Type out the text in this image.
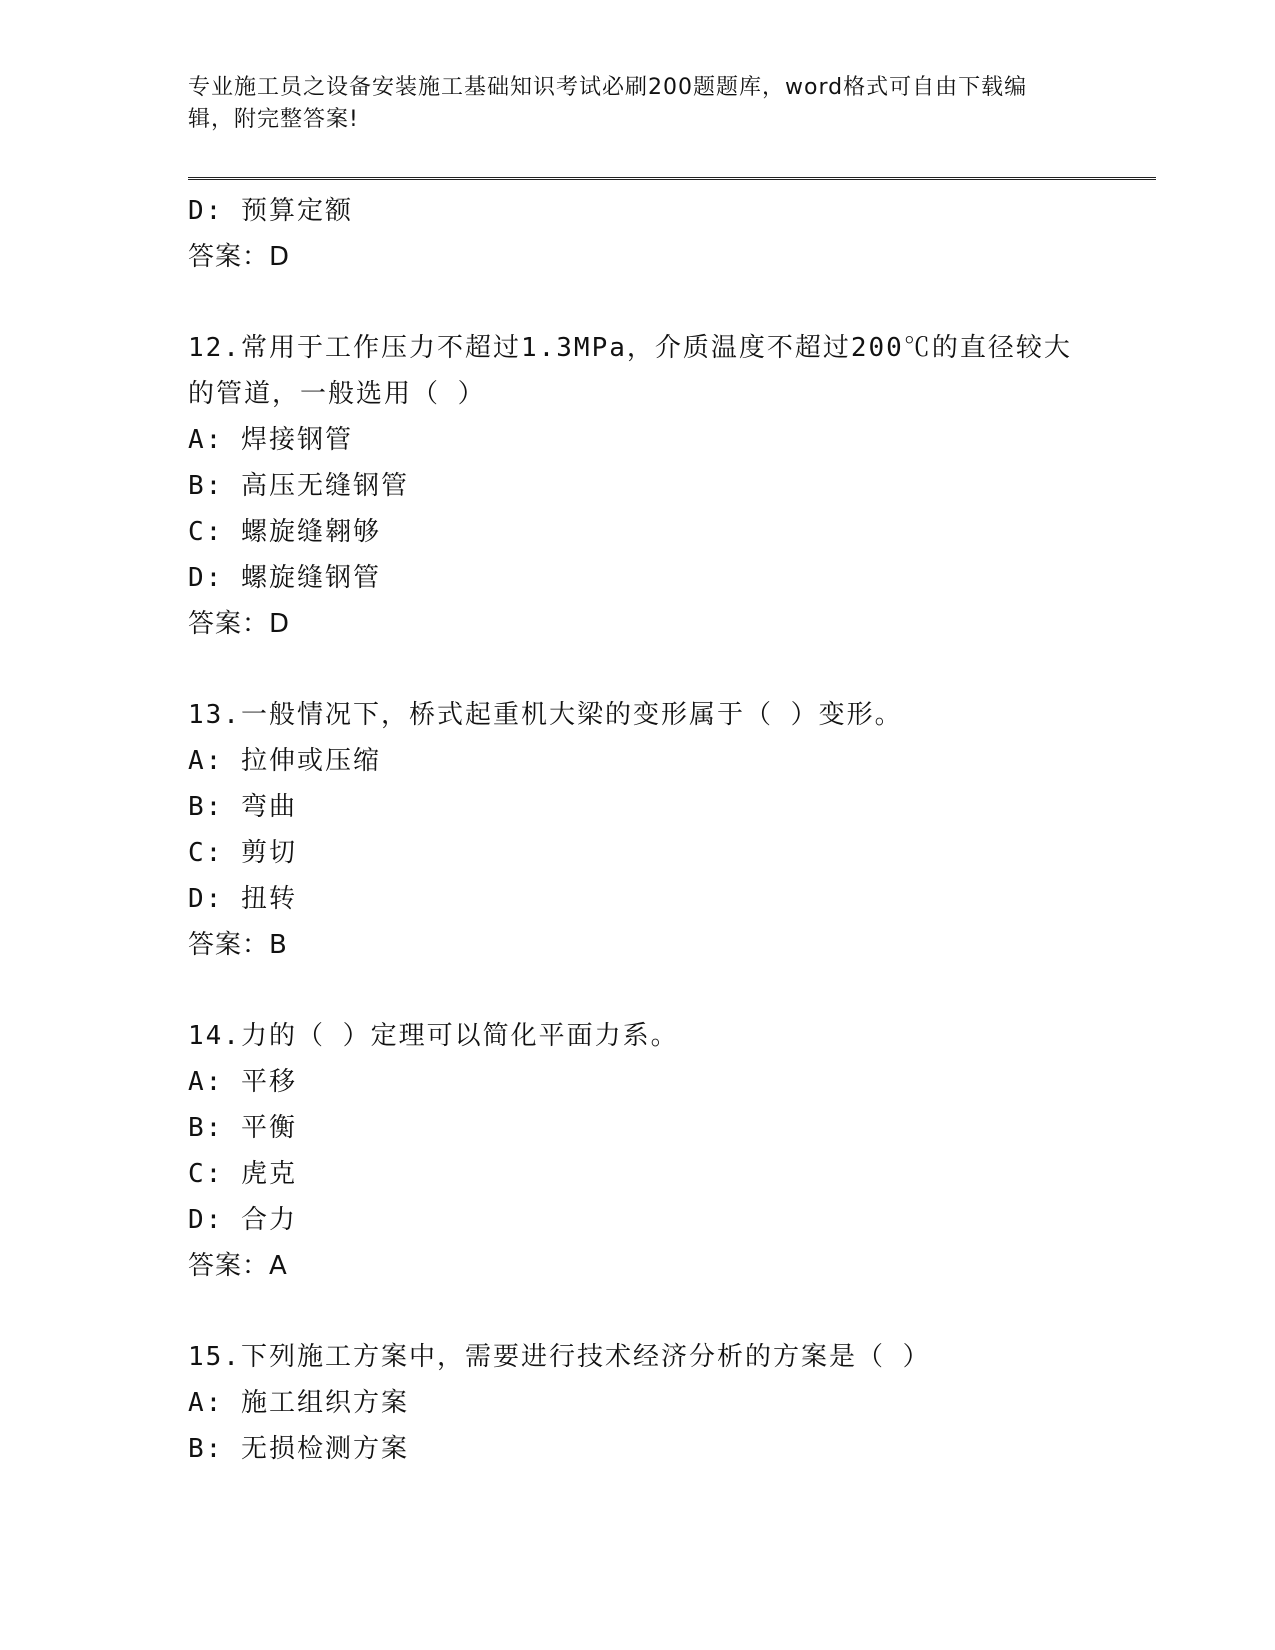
专业施工员之设备安装施工基础知识考试必刷200题题库，word格式可自由下载编辑，附完整答案!
D: 预算定额
答案：D
12.常用于工作压力不超过1.3MPa，介质温度不超过200℃的直径较大的管道，一般选用（ ）
A: 焊接钢管
B: 高压无缝钢管
C: 螺旋缝翱够
D: 螺旋缝钢管
答案：D
13.一般情况下，桥式起重机大梁的变形属于（ ）变形。
A: 拉伸或压缩
B: 弯曲
C: 剪切
D: 扭转
答案：B
14.力的（ ）定理可以简化平面力系。
A: 平移
B: 平衡
C: 虎克
D: 合力
答案：A
15.下列施工方案中，需要进行技术经济分析的方案是（ ）
A: 施工组织方案
B: 无损检测方案
